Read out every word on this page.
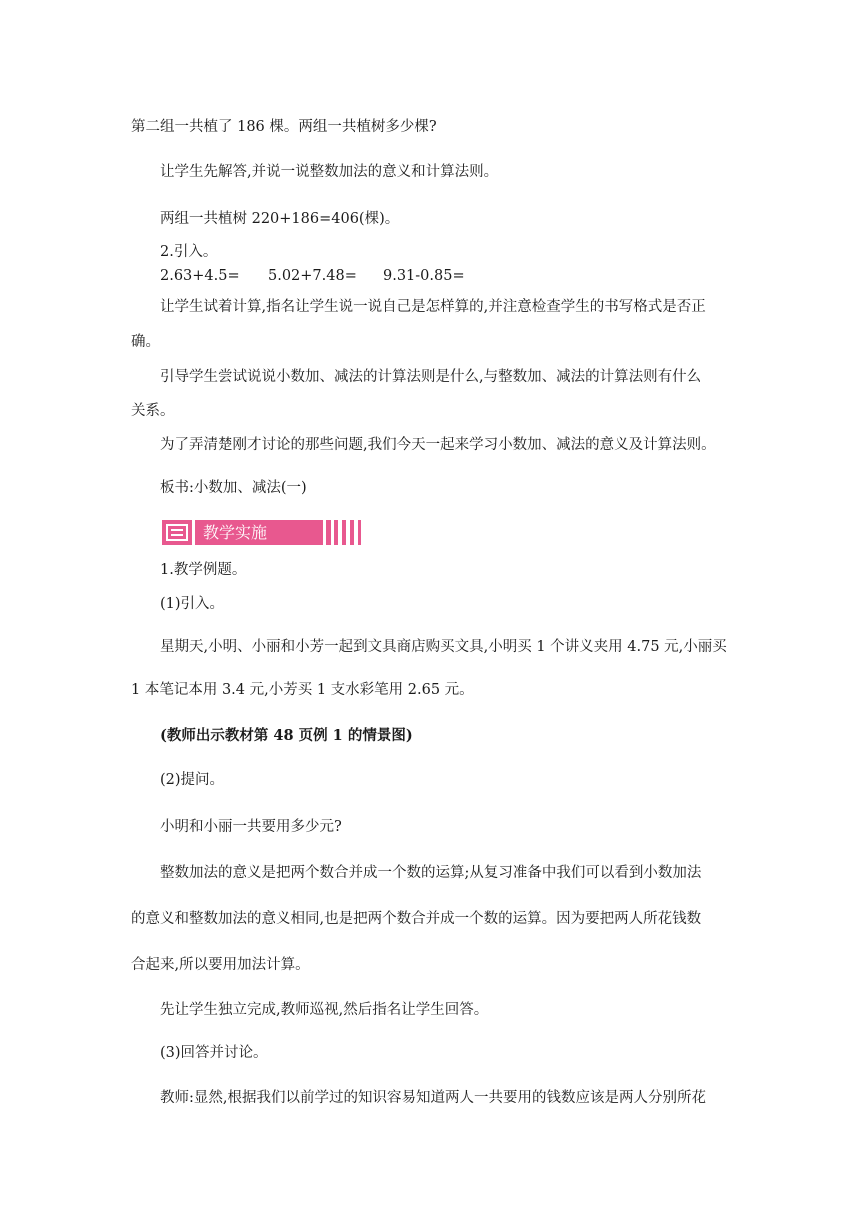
第二组一共植了 186 棵。两组一共植树多少棵?
让学生先解答,并说一说整数加法的意义和计算法则。
两组一共植树 220+186=406(棵)。
2.引入。
2.63+4.5= 5.02+7.48= 9.31-0.85=
让学生试着计算,指名让学生说一说自己是怎样算的,并注意检查学生的书写格式是否正
确。
引导学生尝试说说小数加、减法的计算法则是什么,与整数加、减法的计算法则有什么
关系。
为了弄清楚刚才讨论的那些问题,我们今天一起来学习小数加、减法的意义及计算法则。
板书:小数加、减法(一)
教学实施
1.教学例题。
(1)引入。
星期天,小明、小丽和小芳一起到文具商店购买文具,小明买 1 个讲义夹用 4.75 元,小丽买
1 本笔记本用 3.4 元,小芳买 1 支水彩笔用 2.65 元。
(教师出示教材第 48 页例 1 的情景图)
(2)提问。
小明和小丽一共要用多少元?
整数加法的意义是把两个数合并成一个数的运算;从复习准备中我们可以看到小数加法
的意义和整数加法的意义相同,也是把两个数合并成一个数的运算。因为要把两人所花钱数
合起来,所以要用加法计算。
先让学生独立完成,教师巡视,然后指名让学生回答。
(3)回答并讨论。
教师:显然,根据我们以前学过的知识容易知道两人一共要用的钱数应该是两人分别所花
